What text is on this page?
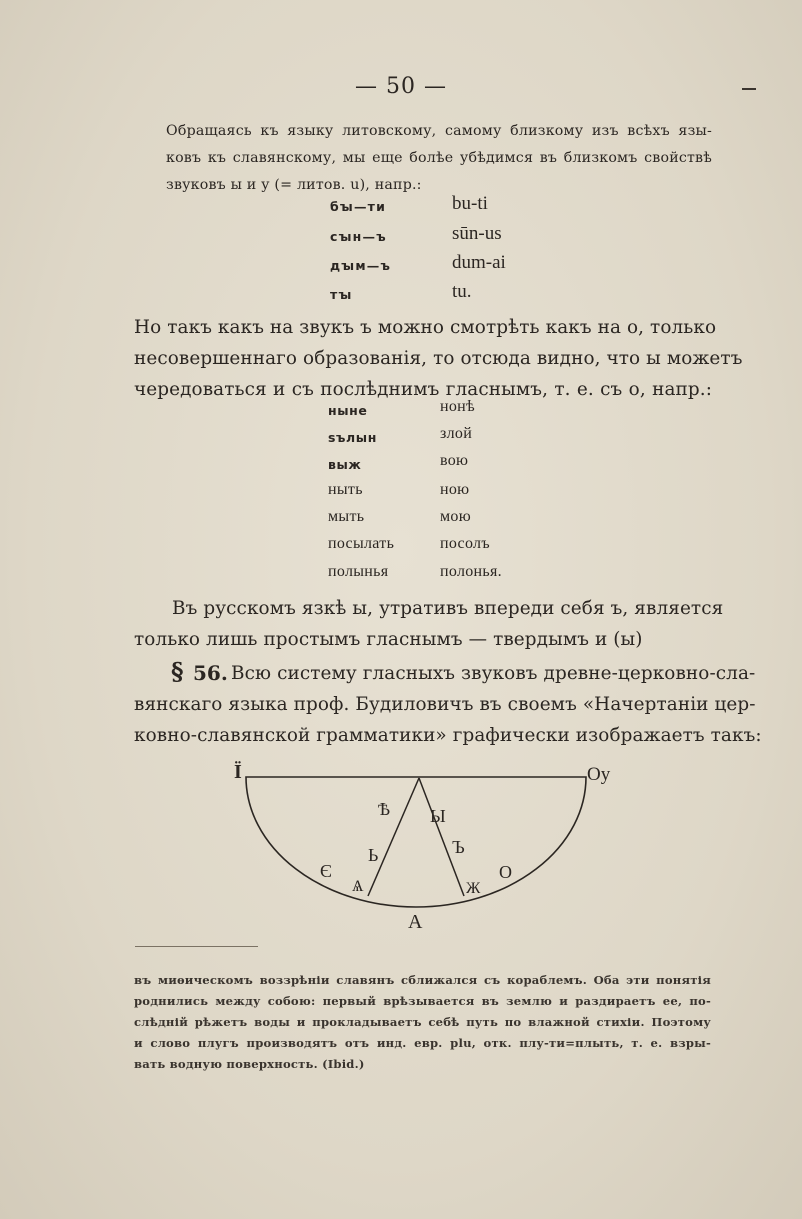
— 50 —
Обращаясь къ языку литовскому, самому близкому изъ всѣхъ язы-
ковъ къ славянскому, мы еще болѣе убѣдимся въ близкомъ свойствѣ
звуковъ ы и у (= литов. u), напр.:
бꙑ—ти	bu-ti
сꙑн—ъ	sūn-us
дꙑм—ъ	dum-ai
тꙑ	tu.
Но такъ какъ на звукъ ъ можно смотрѣть какъ на о, только
несовершеннаго образованія, то отсюда видно, что ы можетъ
чередоваться и съ послѣднимъ гласнымъ, т. е. съ о, напр.:
ныне	нонѣ
ѕълын	злой
выж	вою
ныть	ною
мыть	мою
посылать	посолъ
полынья	полонья.
Въ русскомъ язкѣ ы, утративъ впереди себя ъ, является
только лишь простымъ гласнымъ — твердымъ и (ы)
§ 56. Всю систему гласныхъ звуковъ древне-церковно-сла-
вянскаго языка проф. Будиловичъ въ своемъ «Начертаніи цер-
ковно-славянской грамматики» графически изображаетъ такъ:
Ї	Оу
Ѣ Ы
Ь	Ъ
Є	О
Ѧ	Ж
А
въ миѳическомъ воззрѣніи славянъ сближался съ кораблемъ. Оба эти понятія
роднились между собою: первый врѣзывается въ землю и раздираетъ ее, по-
слѣдній рѣжетъ воды и прокладываетъ себѣ путь по влажной стихіи. Поэтому
и слово плугъ производятъ отъ инд. евр. plu, отк. плу-ти=плыть, т. е. взры-
вать водную поверхность. (Ibid.)
